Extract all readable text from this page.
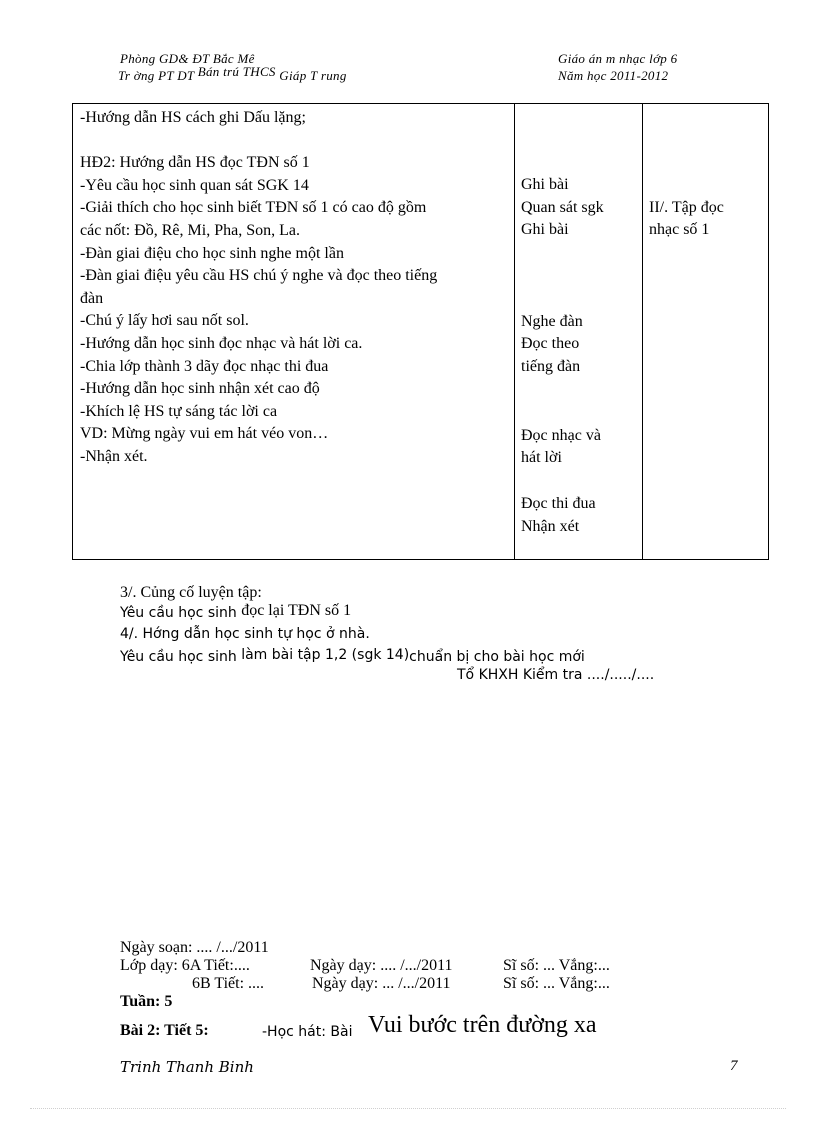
Phòng GD& ĐT Bắc Mê
Tr ờng PT DT Bán trú THCS Giáp T rung
Giáo án m nhạc lớp 6
Năm học 2011-2012
-Hướng dẫn HS cách ghi Dấu lặng;
HĐ2: Hướng dẫn HS đọc TĐN số 1
-Yêu cầu học sinh quan sát SGK 14
-Giải thích cho học sinh biết TĐN số 1 có cao độ gồm
các nốt: Đồ, Rê, Mi, Pha, Son, La.
-Đàn giai điệu cho học sinh nghe một lần
-Đàn giai điệu yêu cầu HS chú ý nghe và đọc theo tiếng
đàn
-Chú ý lấy hơi sau nốt sol.
-Hướng dẫn học sinh đọc nhạc và hát lời ca.
-Chia lớp thành 3 dãy đọc nhạc thi đua
-Hướng dẫn học sinh nhận xét cao độ
-Khích lệ HS tự sáng tác lời ca
VD: Mừng ngày vui em hát véo von…
-Nhận xét.

Ghi bài
Quan sát sgk
Ghi bài
Nghe đàn
Đọc theo
tiếng đàn
Đọc nhạc và
hát lời
Đọc thi đua
Nhận xét

II/. Tập đọc
nhạc số 1
3/. Củng cố luyện tập:
Yêu cầu học sinh đọc lại TĐN số 1
4/. Hớng dẫn học sinh tự học ở nhà.
Yêu cầu học sinh làm bài tập 1,2 (sgk 14)chuẩn bị cho bài học mới
Tổ KHXH Kiểm tra ..../...../....
Ngày soạn: .... /.../2011
Lớp dạy: 6A Tiết:....	Ngày dạy: .... /.../2011	Sĩ số: ... Vắng:...
6B Tiết: ....	Ngày dạy: ... /.../2011	Sĩ số: ... Vắng:...
Tuần: 5
Bài 2: Tiết 5:	-Học hát: Bài Vui bước trên đường xa
Trinh Thanh Binh	7
